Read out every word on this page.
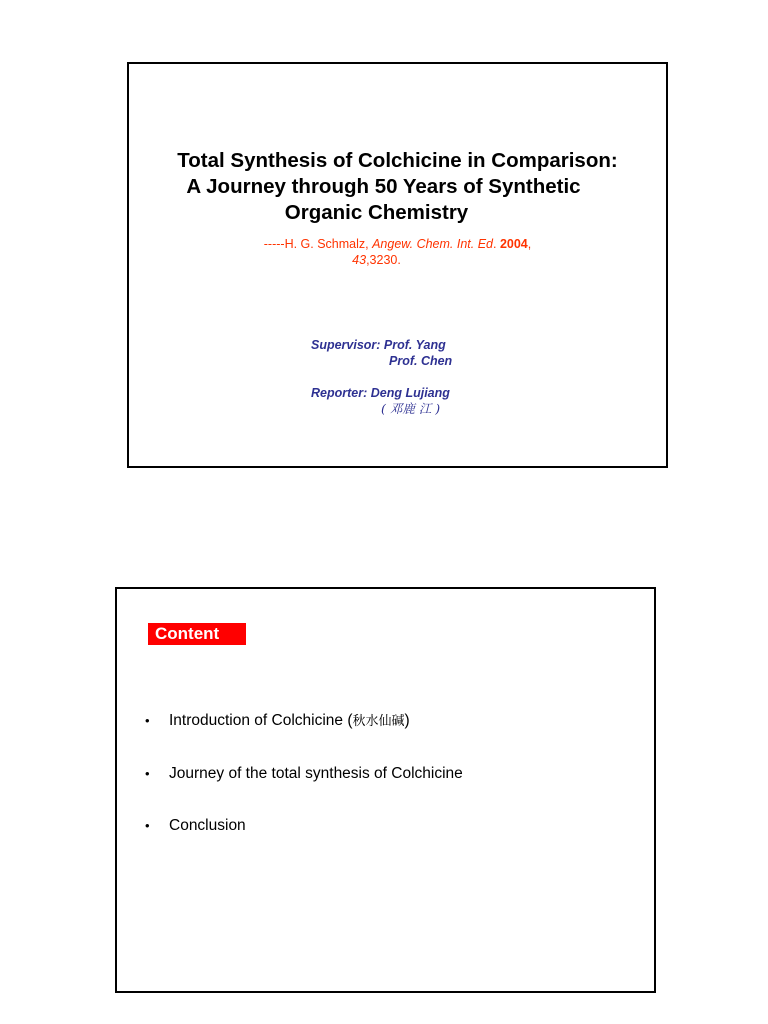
Total Synthesis of Colchicine in Comparison:
A Journey through 50 Years of Synthetic
Organic Chemistry
-----H. G. Schmalz, Angew. Chem. Int. Ed. 2004,
43,3230.
Supervisor: Prof. Yang
Prof. Chen
Reporter: Deng Lujiang
( 邓鹿 江 )
Content
•	Introduction of Colchicine ( 秋水仙碱 )
•	Journey of the total synthesis of Colchicine
•	Conclusion
